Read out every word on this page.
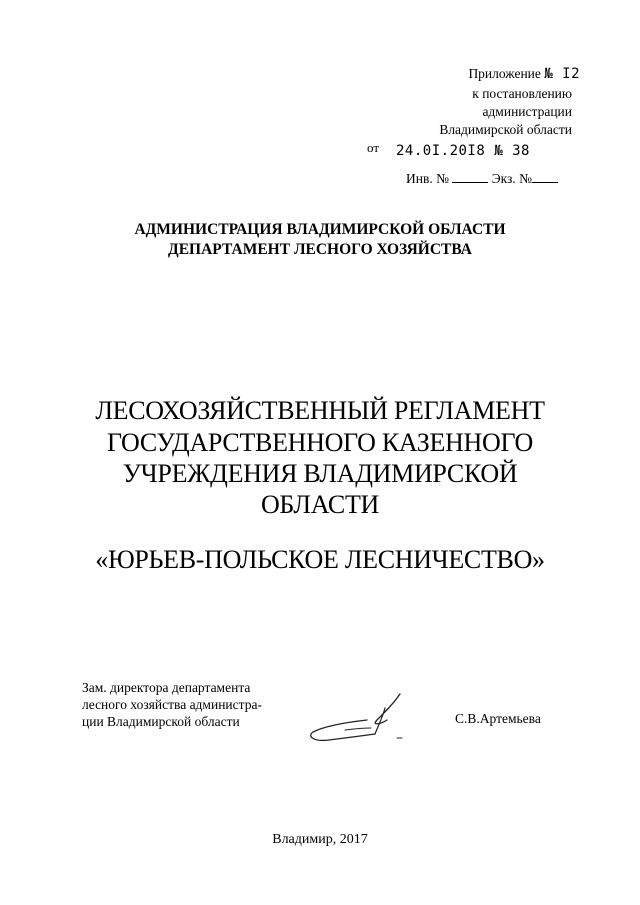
Приложение № I2
к постановлению
администрации
Владимирской области
от 24.0I.20I8 № 38
Инв. №	Экз. №
АДМИНИСТРАЦИЯ ВЛАДИМИРСКОЙ ОБЛАСТИ
ДЕПАРТАМЕНТ ЛЕСНОГО ХОЗЯЙСТВА
ЛЕСОХОЗЯЙСТВЕННЫЙ РЕГЛАМЕНТ
ГОСУДАРСТВЕННОГО КАЗЕННОГО
УЧРЕЖДЕНИЯ ВЛАДИМИРСКОЙ
ОБЛАСТИ
«ЮРЬЕВ-ПОЛЬСКОЕ ЛЕСНИЧЕСТВО»
Зам. директора департамента
лесного хозяйства администра-
ции Владимирской области	С.В.Артемьева
Владимир, 2017
